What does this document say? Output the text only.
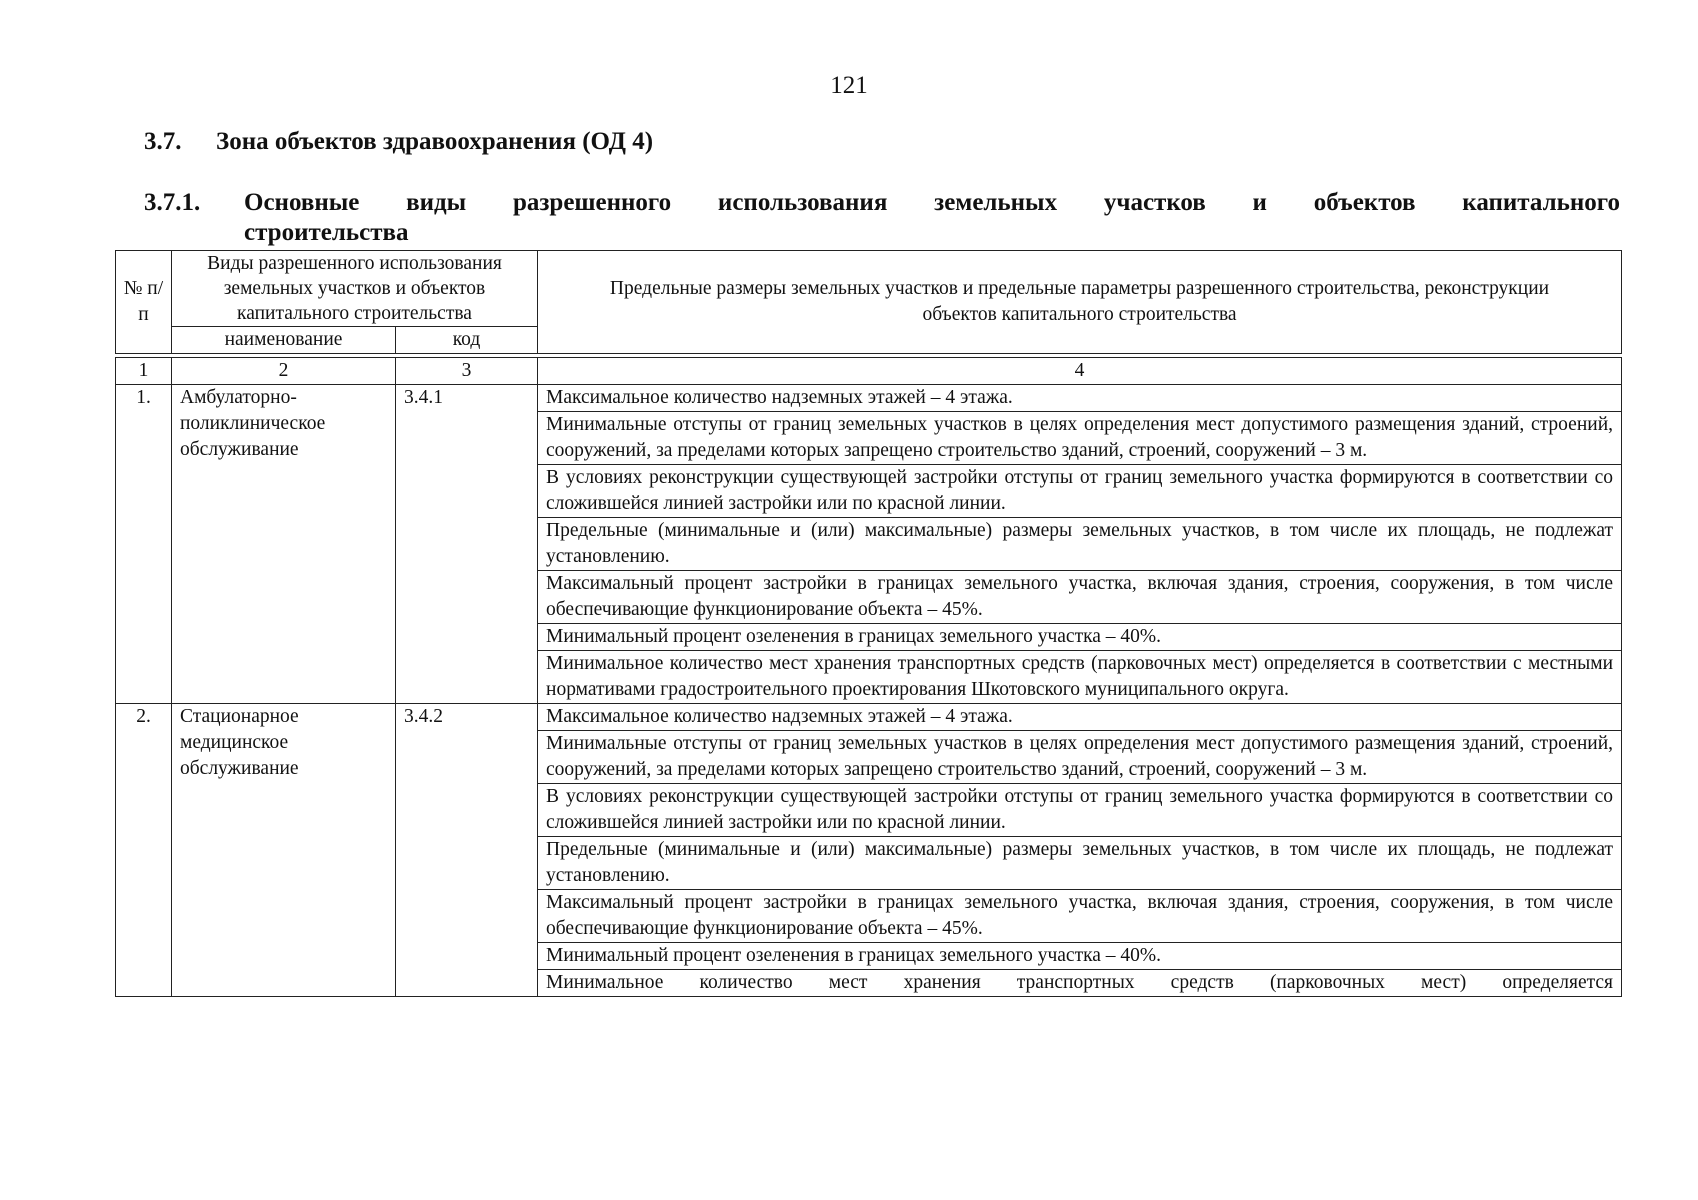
121
3.7. Зона объектов здравоохранения (ОД 4)
3.7.1. Основные виды разрешенного использования земельных участков и объектов капитального
строительства
№ п/п	Виды разрешенного использования земельных участков и объектов капитального строительства		Предельные размеры земельных участков и предельные параметры разрешенного строительства, реконструкции объектов капитального строительства
	наименование	код	

1	2	3	4
1.	Амбулаторно-поликлиническое обслуживание	3.4.1	Максимальное количество надземных этажей – 4 этажа.
			Минимальные отступы от границ земельных участков в целях определения мест допустимого размещения зданий, строений, сооружений, за пределами которых запрещено строительство зданий, строений, сооружений – 3 м.
			В условиях реконструкции существующей застройки отступы от границ земельного участка формируются в соответствии со сложившейся линией застройки или по красной линии.
			Предельные (минимальные и (или) максимальные) размеры земельных участков, в том числе их площадь, не подлежат установлению.
			Максимальный процент застройки в границах земельного участка, включая здания, строения, сооружения, в том числе обеспечивающие функционирование объекта – 45%.
			Минимальный процент озеленения в границах земельного участка – 40%.
			Минимальное количество мест хранения транспортных средств (парковочных мест) определяется в соответствии с местными нормативами градостроительного проектирования Шкотовского муниципального округа.
2.	Стационарное медицинское обслуживание	3.4.2	Максимальное количество надземных этажей – 4 этажа.
			Минимальные отступы от границ земельных участков в целях определения мест допустимого размещения зданий, строений, сооружений, за пределами которых запрещено строительство зданий, строений, сооружений – 3 м.
			В условиях реконструкции существующей застройки отступы от границ земельного участка формируются в соответствии со сложившейся линией застройки или по красной линии.
			Предельные (минимальные и (или) максимальные) размеры земельных участков, в том числе их площадь, не подлежат установлению.
			Максимальный процент застройки в границах земельного участка, включая здания, строения, сооружения, в том числе обеспечивающие функционирование объекта – 45%.
			Минимальный процент озеленения в границах земельного участка – 40%.
			Минимальное количество мест хранения транспортных средств (парковочных мест) определяется
